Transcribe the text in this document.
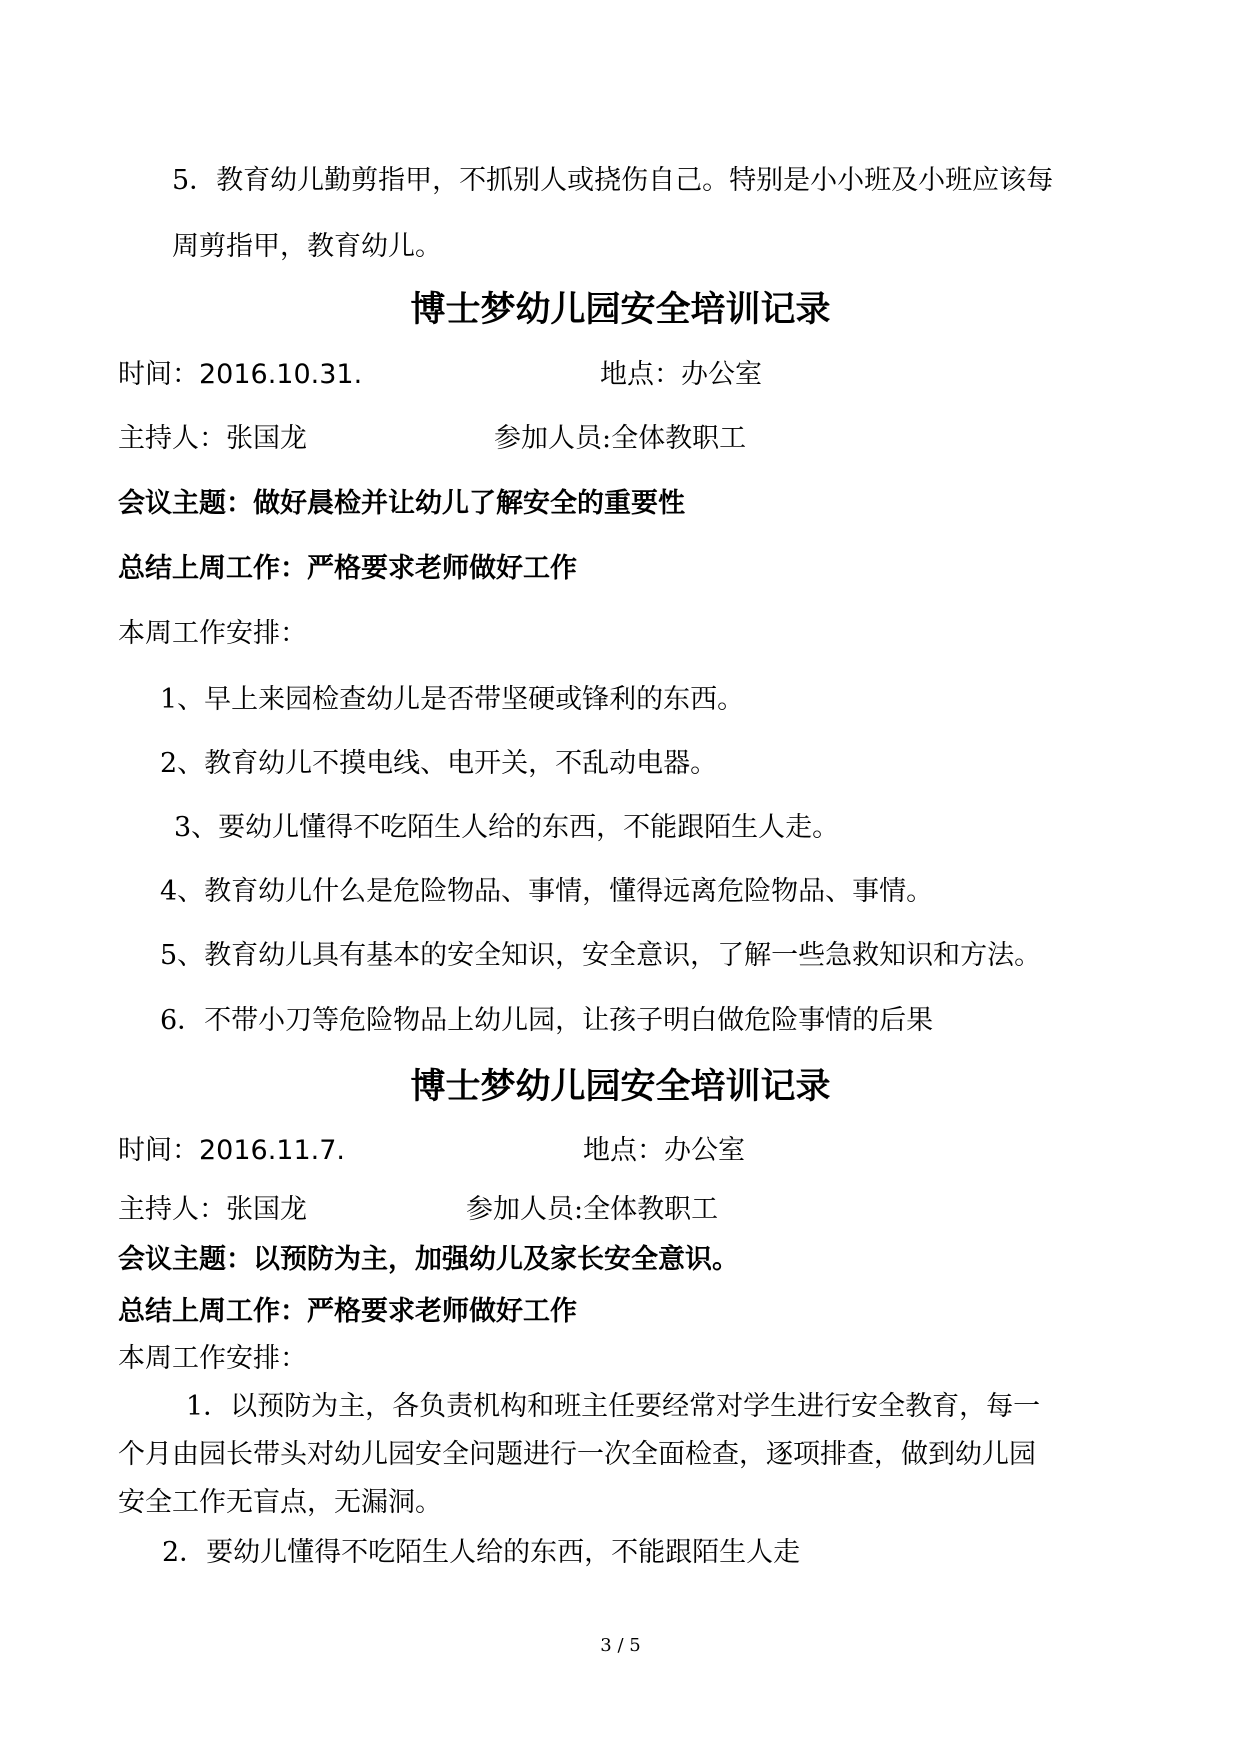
5．教育幼儿勤剪指甲，不抓别人或挠伤自己。特别是小小班及小班应该每
周剪指甲，教育幼儿。
博士梦幼儿园安全培训记录
时间：2016.10.31.	地点：办公室
主持人：张国龙	参加人员:全体教职工
会议主题：做好晨检并让幼儿了解安全的重要性
总结上周工作：严格要求老师做好工作
本周工作安排：
1、早上来园检查幼儿是否带坚硬或锋利的东西。
2、教育幼儿不摸电线、电开关，不乱动电器。
3、要幼儿懂得不吃陌生人给的东西，不能跟陌生人走。
4、教育幼儿什么是危险物品、事情，懂得远离危险物品、事情。
5、教育幼儿具有基本的安全知识，安全意识，了解一些急救知识和方法。
6．不带小刀等危险物品上幼儿园，让孩子明白做危险事情的后果
博士梦幼儿园安全培训记录
时间：2016.11.7.	地点：办公室
主持人：张国龙	参加人员:全体教职工
会议主题：以预防为主，加强幼儿及家长安全意识。
总结上周工作：严格要求老师做好工作
本周工作安排：
1．以预防为主，各负责机构和班主任要经常对学生进行安全教育，每一
个月由园长带头对幼儿园安全问题进行一次全面检查，逐项排查，做到幼儿园
安全工作无盲点，无漏洞。
2．要幼儿懂得不吃陌生人给的东西，不能跟陌生人走
3 / 5
